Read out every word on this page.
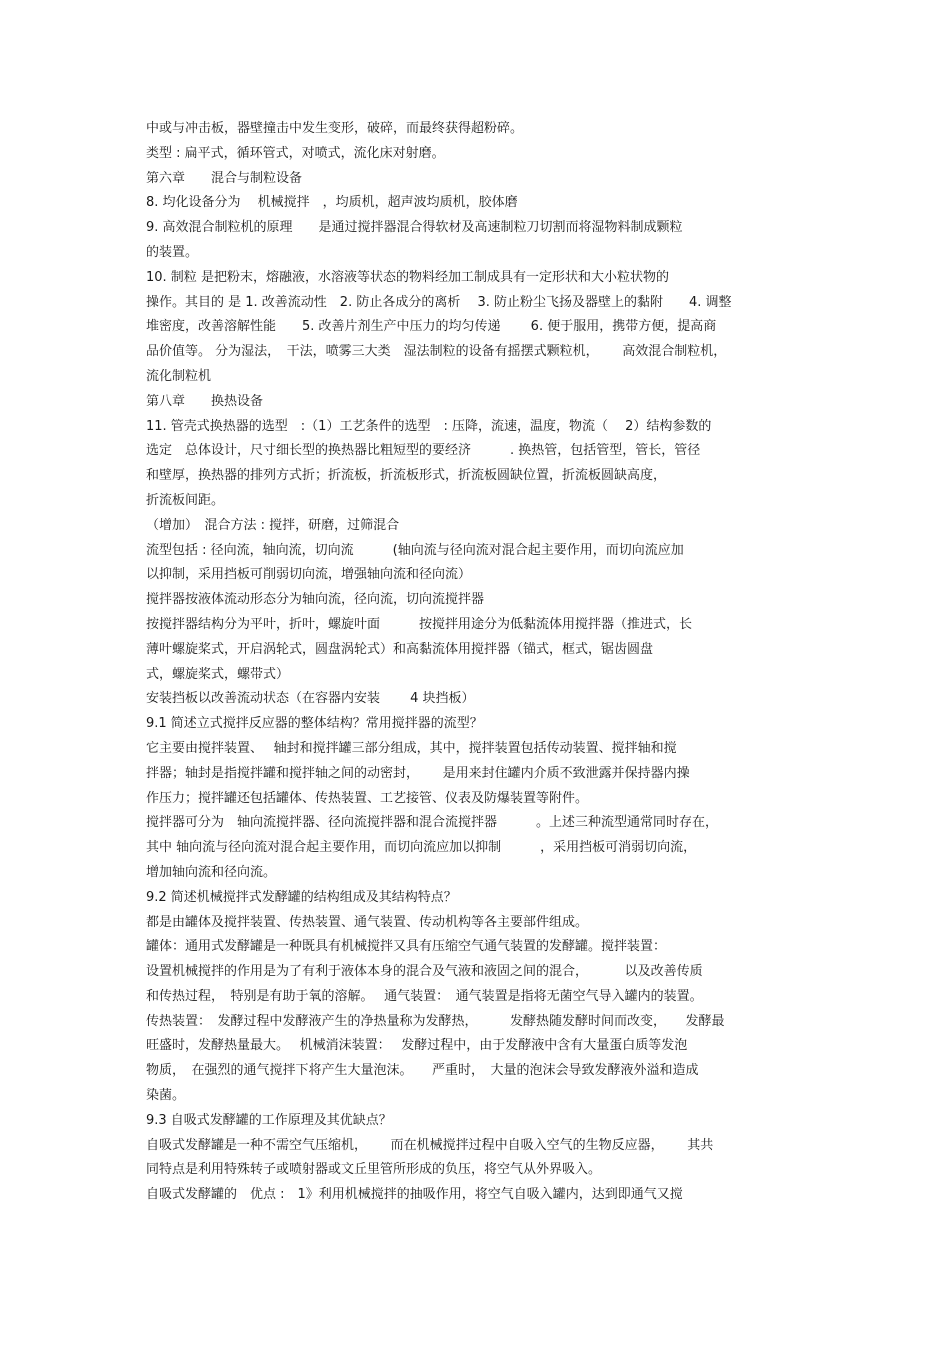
中或与冲击板，器壁撞击中发生变形，破碎，而最终获得超粉碎。
类型 : 扁平式，循环管式，对喷式，流化床对射磨。
第六章　　混合与制粒设备
8. 均化设备分为　 机械搅拌　，均质机，超声波均质机，胶体磨
9. 高效混合制粒机的原理　　是通过搅拌器混合得软材及高速制粒刀切割而将湿物料制成颗粒
的装置。
10. 制粒 是把粉末，熔融液，水溶液等状态的物料经加工制成具有一定形状和大小粒状物的
操作。其目的 是 1. 改善流动性　2. 防止各成分的离析　 3. 防止粉尘飞扬及器壁上的黏附　　4. 调整
堆密度，改善溶解性能　　5. 改善片剂生产中压力的均匀传递　　 6. 便于服用，携带方便，提高商
品价值等。 分为湿法，　干法，喷雾三大类　湿法制粒的设备有摇摆式颗粒机，　　 高效混合制粒机，
流化制粒机
第八章　　换热设备
11. 管壳式换热器的选型　:（1）工艺条件的选型　: 压降，流速，温度，物流（　 2）结构参数的
选定　总体设计，尺寸细长型的换热器比粗短型的要经济　　　. 换热管，包括管型，管长，管径
和壁厚，换热器的排列方式折；折流板，折流板形式，折流板圆缺位置，折流板圆缺高度，
折流板间距。
（增加）　混合方法 : 搅拌，研磨，过筛混合
流型包括 : 径向流，轴向流，切向流　　　(轴向流与径向流对混合起主要作用，而切向流应加
以抑制，采用挡板可削弱切向流，增强轴向流和径向流）
搅拌器按液体流动形态分为轴向流，径向流，切向流搅拌器
按搅拌器结构分为平叶，折叶，螺旋叶面　　　按搅拌用途分为低黏流体用搅拌器（推进式，长
薄叶螺旋桨式，开启涡轮式，圆盘涡轮式）和高黏流体用搅拌器（锚式，框式，锯齿圆盘
式，螺旋桨式，螺带式）
安装挡板以改善流动状态（在容器内安装　　 4 块挡板）
9.1 简述立式搅拌反应器的整体结构？常用搅拌器的流型？
它主要由搅拌装置、　 轴封和搅拌罐三部分组成，其中，搅拌装置包括传动装置、搅拌轴和搅
拌器；轴封是指搅拌罐和搅拌轴之间的动密封，　　 是用来封住罐内介质不致泄露并保持器内操
作压力；搅拌罐还包括罐体、传热装置、工艺接管、仪表及防爆装置等附件。
搅拌器可分为　轴向流搅拌器、径向流搅拌器和混合流搅拌器　　　。上述三种流型通常同时存在，
其中 轴向流与径向流对混合起主要作用，而切向流应加以抑制　　　，采用挡板可消弱切向流，
增加轴向流和径向流。
9.2 简述机械搅拌式发酵罐的结构组成及其结构特点？
都是由罐体及搅拌装置、传热装置、通气装置、传动机构等各主要部件组成。
罐体：通用式发酵罐是一种既具有机械搅拌又具有压缩空气通气装置的发酵罐。搅拌装置：
设置机械搅拌的作用是为了有利于液体本身的混合及气液和液固之间的混合，　　　 以及改善传质
和传热过程，　特别是有助于氧的溶解。　 通气装置：　通气装置是指将无菌空气导入罐内的装置。
传热装置：　发酵过程中发酵液产生的净热量称为发酵热，　　　发酵热随发酵时间而改变，　　发酵最
旺盛时，发酵热量最大。　 机械消沫装置：　 发酵过程中，由于发酵液中含有大量蛋白质等发泡
物质，　在强烈的通气搅拌下将产生大量泡沫。　　严重时，　大量的泡沫会导致发酵液外溢和造成
染菌。
9.3 自吸式发酵罐的工作原理及其优缺点？
自吸式发酵罐是一种不需空气压缩机，　　 而在机械搅拌过程中自吸入空气的生物反应器，　　 其共
同特点是利用特殊转子或喷射器或文丘里管所形成的负压，将空气从外界吸入。
自吸式发酵罐的　优点 :　1》利用机械搅拌的抽吸作用，将空气自吸入罐内，达到即通气又搅
